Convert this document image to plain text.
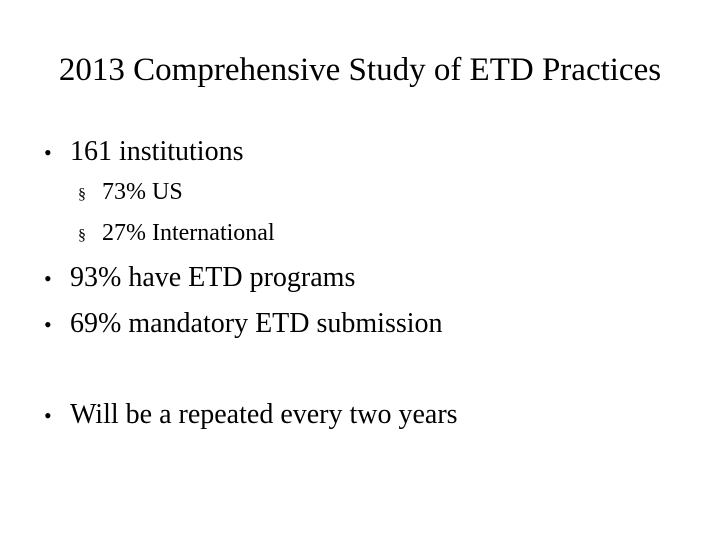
2013 Comprehensive Study of ETD Practices
• 161 institutions
§ 73% US
§ 27% International
• 93% have ETD programs
• 69% mandatory ETD submission
• Will be a repeated every two years
